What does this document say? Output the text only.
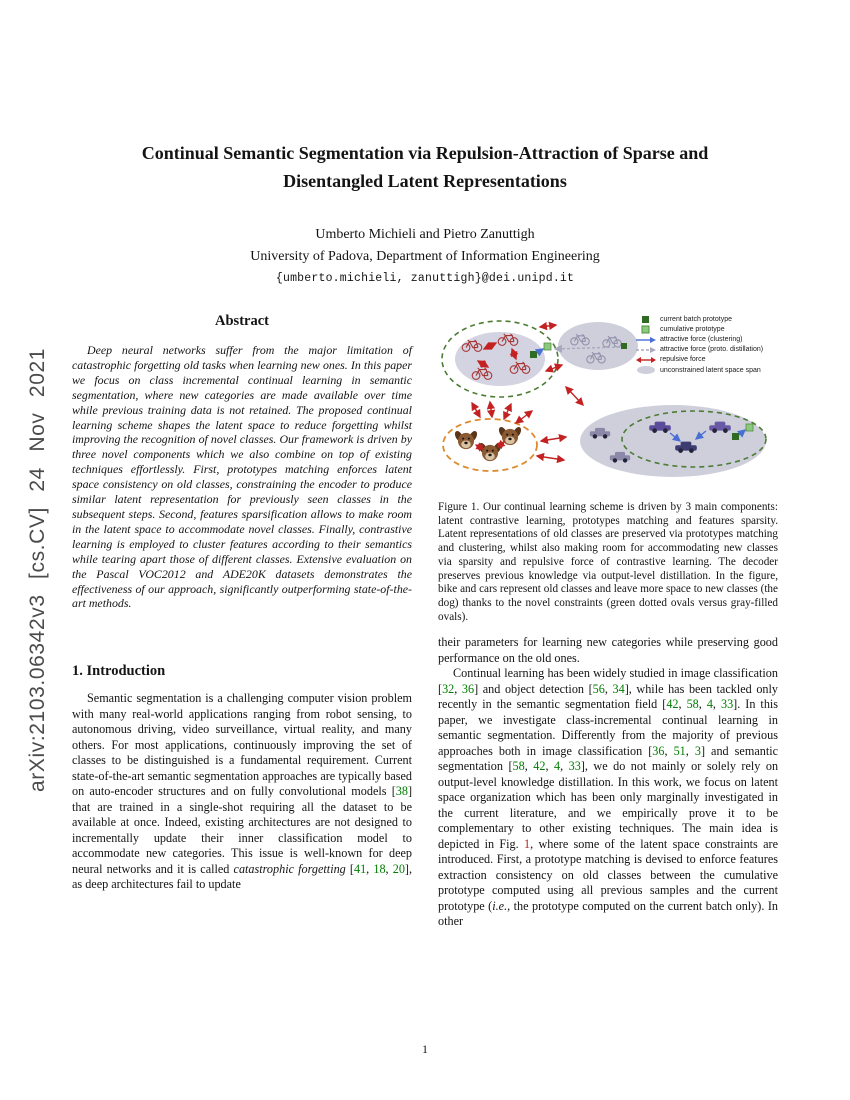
arXiv:2103.06342v3 [cs.CV] 24 Nov 2021
Continual Semantic Segmentation via Repulsion-Attraction of Sparse and Disentangled Latent Representations
Umberto Michieli and Pietro Zanuttigh
University of Padova, Department of Information Engineering
{umberto.michieli, zanuttigh}@dei.unipd.it
Abstract

Deep neural networks suffer from the major limitation of catastrophic forgetting old tasks when learning new ones. In this paper we focus on class incremental continual learning in semantic segmentation, where new categories are made available over time while previous training data is not retained. The proposed continual learning scheme shapes the latent space to reduce forgetting whilst improving the recognition of novel classes. Our framework is driven by three novel components which we also combine on top of existing techniques effortlessly. First, prototypes matching enforces latent space consistency on old classes, constraining the encoder to produce similar latent representation for previously seen classes in the subsequent steps. Second, features sparsification allows to make room in the latent space to accommodate novel classes. Finally, contrastive learning is employed to cluster features according to their semantics while tearing apart those of different classes. Extensive evaluation on the Pascal VOC2012 and ADE20K datasets demonstrates the effectiveness of our approach, significantly outperforming state-of-the-art methods.

1. Introduction

Semantic segmentation is a challenging computer vision problem with many real-world applications ranging from robot sensing, to autonomous driving, video surveillance, virtual reality, and many others. For most applications, continuously improving the set of classes to be distinguished is a fundamental requirement. Current state-of-the-art semantic segmentation approaches are typically based on auto-encoder structures and on fully convolutional models [38] that are trained in a single-shot requiring all the dataset to be available at once. Indeed, existing architectures are not designed to incrementally update their inner classification model to accommodate new categories. This issue is well-known for deep neural networks and it is called catastrophic forgetting [41, 18, 20], as deep architectures fail to update

current batch prototype
cumulative prototype
attractive force (clustering)
attractive force (proto. distillation)
repulsive force
unconstrained latent space span

Figure 1. Our continual learning scheme is driven by 3 main components: latent contrastive learning, prototypes matching and features sparsity. Latent representations of old classes are preserved via prototypes matching and clustering, whilst also making room for accommodating new classes via sparsity and repulsive force of contrastive learning. The decoder preserves previous knowledge via output-level distillation. In the figure, bike and cars represent old classes and leave more space to new classes (the dog) thanks to the novel constraints (green dotted ovals versus gray-filled ovals).

their parameters for learning new categories while preserving good performance on the old ones.

Continual learning has been widely studied in image classification [32, 36] and object detection [56, 34], while has been tackled only recently in the semantic segmentation field [42, 58, 4, 33]. In this paper, we investigate class-incremental continual learning in semantic segmentation. Differently from the majority of previous approaches both in image classification [36, 51, 3] and semantic segmentation [58, 42, 4, 33], we do not mainly or solely rely on output-level knowledge distillation. In this work, we focus on latent space organization which has been only marginally investigated in the current literature, and we empirically prove it to be complementary to other existing techniques. The main idea is depicted in Fig. 1, where some of the latent space constraints are introduced. First, a prototype matching is devised to enforce features extraction consistency on old classes between the cumulative prototype computed using all previous samples and the current prototype (i.e., the prototype computed on the current batch only). In other

1
